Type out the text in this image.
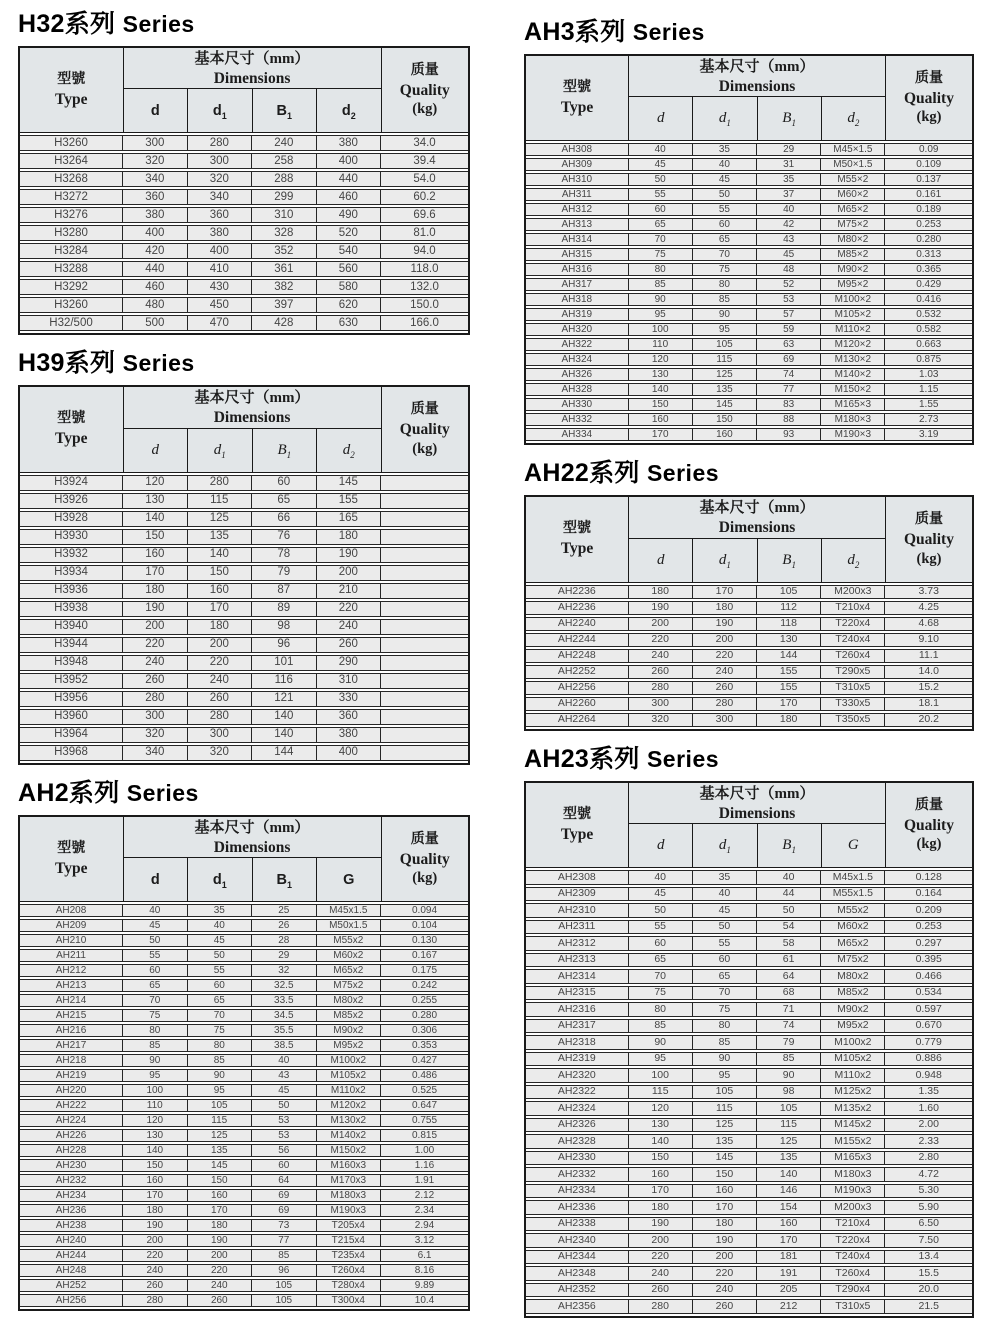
H32系列 Series
型號
Type	基本尺寸（mm）
Dimensions				质量
Quality
(kg)

	d	$d_1$	$B_1$	$d_2$
H3260	300	280	240	380	34.0
H3264	320	300	258	400	39.4
H3268	340	320	288	440	54.0
H3272	360	340	299	460	60.2
H3276	380	360	310	490	69.6
H3280	400	380	328	520	81.0
H3284	420	400	352	540	94.0
H3288	440	410	361	560	118.0
H3292	460	430	382	580	132.0
H3260	480	450	397	620	150.0
H32/500	500	470	428	630	166.0
H39系列 Series
型號
Type	基本尺寸（mm）
Dimensions				质量
Quality
(kg)

	d	$d_1$	$B_1$	$d_2$
H3924	120	280	60	145	
H3926	130	115	65	155	
H3928	140	125	66	165	
H3930	150	135	76	180	
H3932	160	140	78	190	
H3934	170	150	79	200	
H3936	180	160	87	210	
H3938	190	170	89	220	
H3940	200	180	98	240	
H3944	220	200	96	260	
H3948	240	220	101	290	
H3952	260	240	116	310	
H3956	280	260	121	330	
H3960	300	280	140	360	
H3964	320	300	140	380	
H3968	340	320	144	400	
AH2系列 Series
型號
Type	基本尺寸（mm）
Dimensions				质量
Quality
(kg)

	d	$d_1$	$B_1$	G	
AH208	40	35	25	M45x1.5	0.094
AH209	45	40	26	M50x1.5	0.104
AH210	50	45	28	M55x2	0.130
AH211	55	50	29	M60x2	0.167
AH212	60	55	32	M65x2	0.175
AH213	65	60	32.5	M75x2	0.242
AH214	70	65	33.5	M80x2	0.255
AH215	75	70	34.5	M85x2	0.280
AH216	80	75	35.5	M90x2	0.306
AH217	85	80	38.5	M95x2	0.353
AH218	90	85	40	M100x2	0.427
AH219	95	90	43	M105x2	0.486
AH220	100	95	45	M110x2	0.525
AH222	110	105	50	M120x2	0.647
AH224	120	115	53	M130x2	0.755
AH226	130	125	53	M140x2	0.815
AH228	140	135	56	M150x2	1.00
AH230	150	145	60	M160x3	1.16
AH232	160	150	64	M170x3	1.91
AH234	170	160	69	M180x3	2.12
AH236	180	170	69	M190x3	2.34
AH238	190	180	73	T205x4	2.94
AH240	200	190	77	T215x4	3.12
AH244	220	200	85	T235x4	6.1
AH248	240	220	96	T260x4	8.16
AH252	260	240	105	T280x4	9.89
AH256	280	260	105	T300x4	10.4
AH3系列 Series
型號
Type	基本尺寸（mm）
Dimensions				质量
Quality
(kg)

	d	$d_1$	$B_1$	$d_2$
AH308	40	35	29	M45×1.5	0.09
AH309	45	40	31	M50×1.5	0.109
AH310	50	45	35	M55×2	0.137
AH311	55	50	37	M60×2	0.161
AH312	60	55	40	M65×2	0.189
AH313	65	60	42	M75×2	0.253
AH314	70	65	43	M80×2	0.280
AH315	75	70	45	M85×2	0.313
AH316	80	75	48	M90×2	0.365
AH317	85	80	52	M95×2	0.429
AH318	90	85	53	M100×2	0.416
AH319	95	90	57	M105×2	0.532
AH320	100	95	59	M110×2	0.582
AH322	110	105	63	M120×2	0.663
AH324	120	115	69	M130×2	0.875
AH326	130	125	74	M140×2	1.03
AH328	140	135	77	M150×2	1.15
AH330	150	145	83	M165×3	1.55
AH332	160	150	88	M180×3	2.73
AH334	170	160	93	M190×3	3.19
AH22系列 Series
型號
Type	基本尺寸（mm）
Dimensions				质量
Quality
(kg)

	d	$d_1$	$B_1$	$d_2$
AH2236	180	170	105	M200x3	3.73
AH2236	190	180	112	T210x4	4.25
AH2240	200	190	118	T220x4	4.68
AH2244	220	200	130	T240x4	9.10
AH2248	240	220	144	T260x4	11.1
AH2252	260	240	155	T290x5	14.0
AH2256	280	260	155	T310x5	15.2
AH2260	300	280	170	T330x5	18.1
AH2264	320	300	180	T350x5	20.2
AH23系列 Series
型號
Type	基本尺寸（mm）
Dimensions				质量
Quality
(kg)

	d	$d_1$	$B_1$	G	
AH2308	40	35	40	M45x1.5	0.128
AH2309	45	40	44	M55x1.5	0.164
AH2310	50	45	50	M55x2	0.209
AH2311	55	50	54	M60x2	0.253
AH2312	60	55	58	M65x2	0.297
AH2313	65	60	61	M75x2	0.395
AH2314	70	65	64	M80x2	0.466
AH2315	75	70	68	M85x2	0.534
AH2316	80	75	71	M90x2	0.597
AH2317	85	80	74	M95x2	0.670
AH2318	90	85	79	M100x2	0.779
AH2319	95	90	85	M105x2	0.886
AH2320	100	95	90	M110x2	0.948
AH2322	115	105	98	M125x2	1.35
AH2324	120	115	105	M135x2	1.60
AH2326	130	125	115	M145x2	2.00
AH2328	140	135	125	M155x2	2.33
AH2330	150	145	135	M165x3	2.80
AH2332	160	150	140	M180x3	4.72
AH2334	170	160	146	M190x3	5.30
AH2336	180	170	154	M200x3	5.90
AH2338	190	180	160	T210x4	6.50
AH2340	200	190	170	T220x4	7.50
AH2344	220	200	181	T240x4	13.4
AH2348	240	220	191	T260x4	15.5
AH2352	260	240	205	T290x4	20.0
AH2356	280	260	212	T310x5	21.5
